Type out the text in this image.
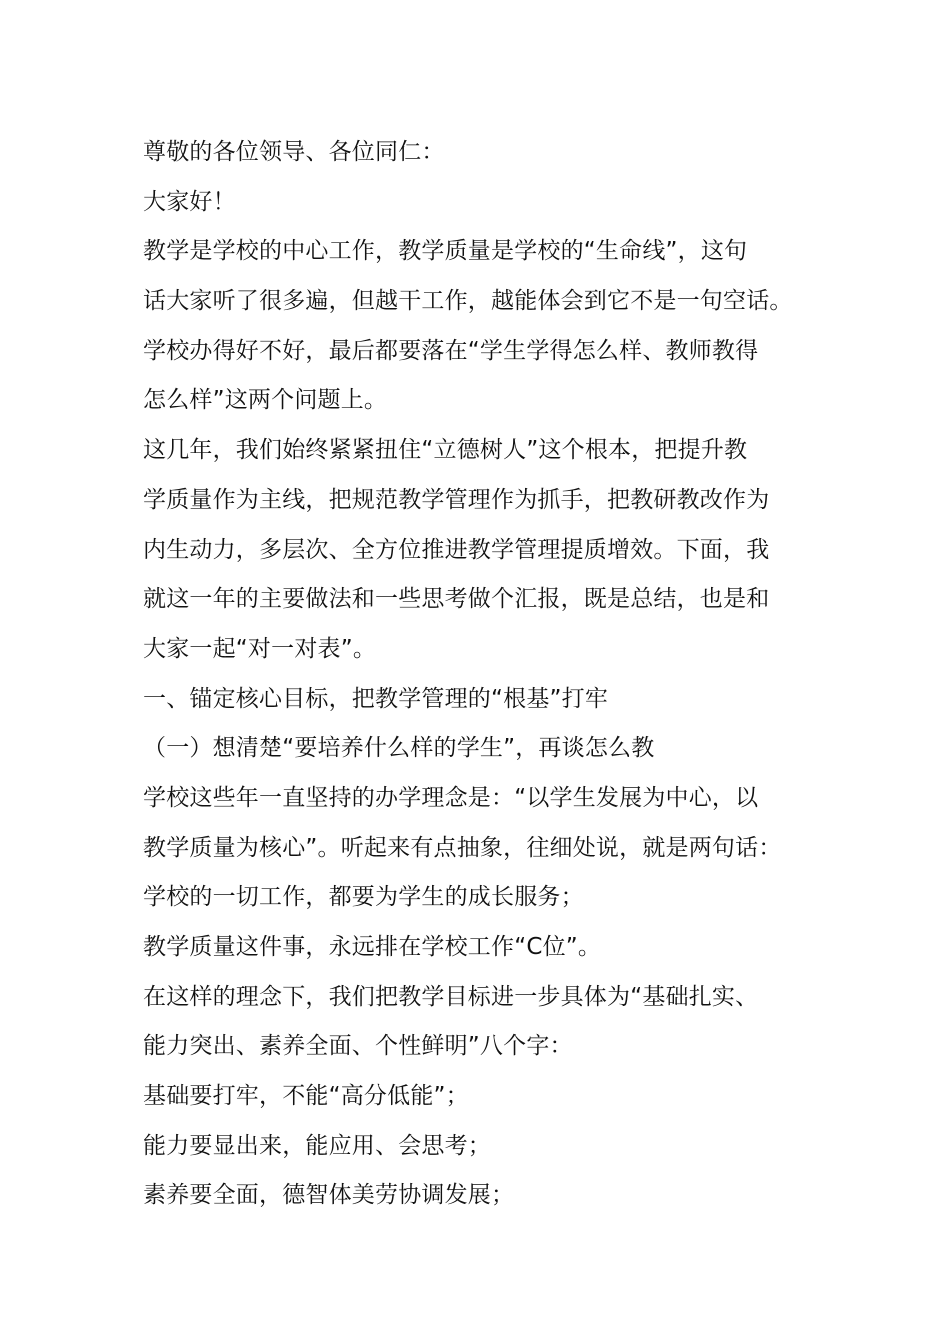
尊敬的各位领导、各位同仁：
大家好！
教学是学校的中心工作，教学质量是学校的“生命线”，这句
话大家听了很多遍，但越干工作，越能体会到它不是一句空话。
学校办得好不好，最后都要落在“学生学得怎么样、教师教得
怎么样”这两个问题上。
这几年，我们始终紧紧扭住“立德树人”这个根本，把提升教
学质量作为主线，把规范教学管理作为抓手，把教研教改作为
内生动力，多层次、全方位推进教学管理提质增效。下面，我
就这一年的主要做法和一些思考做个汇报，既是总结，也是和
大家一起“对一对表”。
一、锚定核心目标，把教学管理的“根基”打牢
（一）想清楚“要培养什么样的学生”，再谈怎么教
学校这些年一直坚持的办学理念是：“以学生发展为中心，以
教学质量为核心”。听起来有点抽象，往细处说，就是两句话：
学校的一切工作，都要为学生的成长服务；
教学质量这件事，永远排在学校工作“C位”。
在这样的理念下，我们把教学目标进一步具体为“基础扎实、
能力突出、素养全面、个性鲜明”八个字：
基础要打牢，不能“高分低能”；
能力要显出来，能应用、会思考；
素养要全面，德智体美劳协调发展；
